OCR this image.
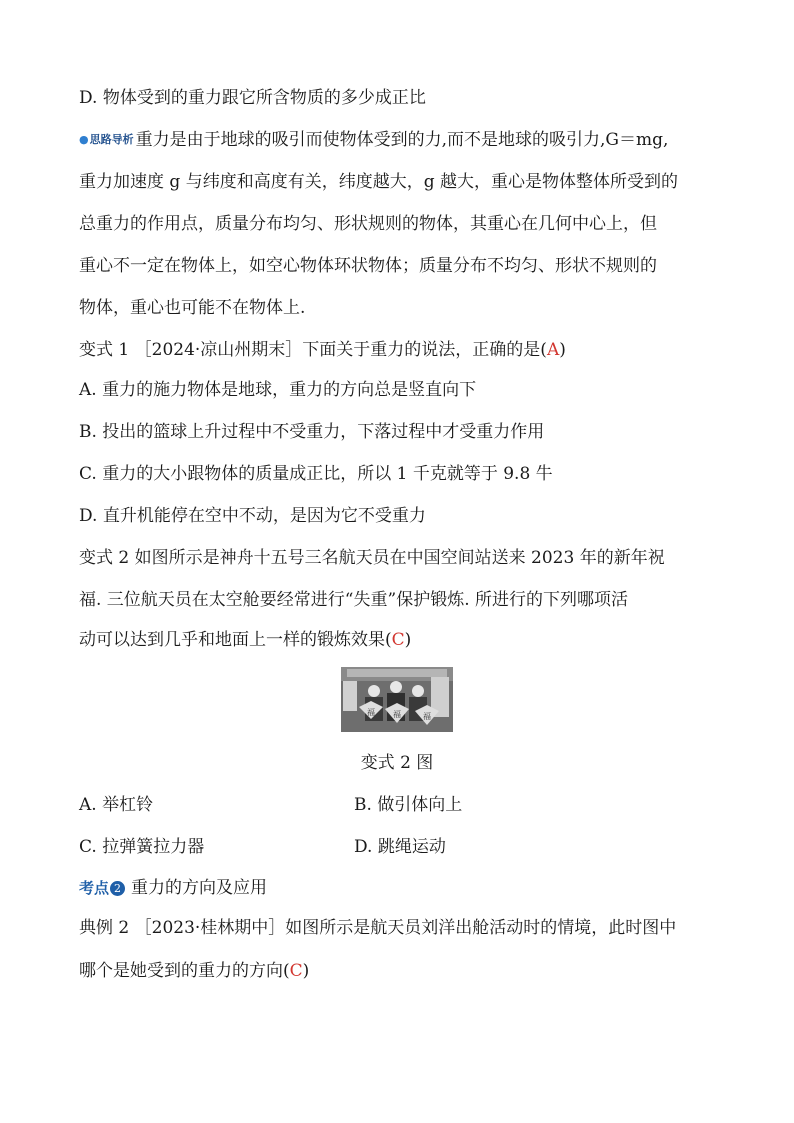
D. 物体受到的重力跟它所含物质的多少成正比
●思路导析 重力是由于地球的吸引而使物体受到的力,而不是地球的吸引力,G＝mg,
重力加速度 g 与纬度和高度有关，纬度越大，g 越大，重心是物体整体所受到的
总重力的作用点，质量分布均匀、形状规则的物体，其重心在几何中心上，但
重心不一定在物体上，如空心物体环状物体；质量分布不均匀、形状不规则的
物体，重心也可能不在物体上.
变式 1 ［2024·凉山州期末］下面关于重力的说法，正确的是(A)
A. 重力的施力物体是地球，重力的方向总是竖直向下
B. 投出的篮球上升过程中不受重力，下落过程中才受重力作用
C. 重力的大小跟物体的质量成正比，所以 1 千克就等于 9.8 牛
D. 直升机能停在空中不动，是因为它不受重力
变式 2 如图所示是神舟十五号三名航天员在中国空间站送来 2023 年的新年祝
福. 三位航天员在太空舱要经常进行“失重”保护锻炼. 所进行的下列哪项活
动可以达到几乎和地面上一样的锻炼效果(C)
福 福	福
变式 2 图
A. 举杠铃	B. 做引体向上
C. 拉弹簧拉力器	D. 跳绳运动
考点 2 重力的方向及应用
典例 2 ［2023·桂林期中］如图所示是航天员刘洋出舱活动时的情境，此时图中
哪个是她受到的重力的方向(C)
